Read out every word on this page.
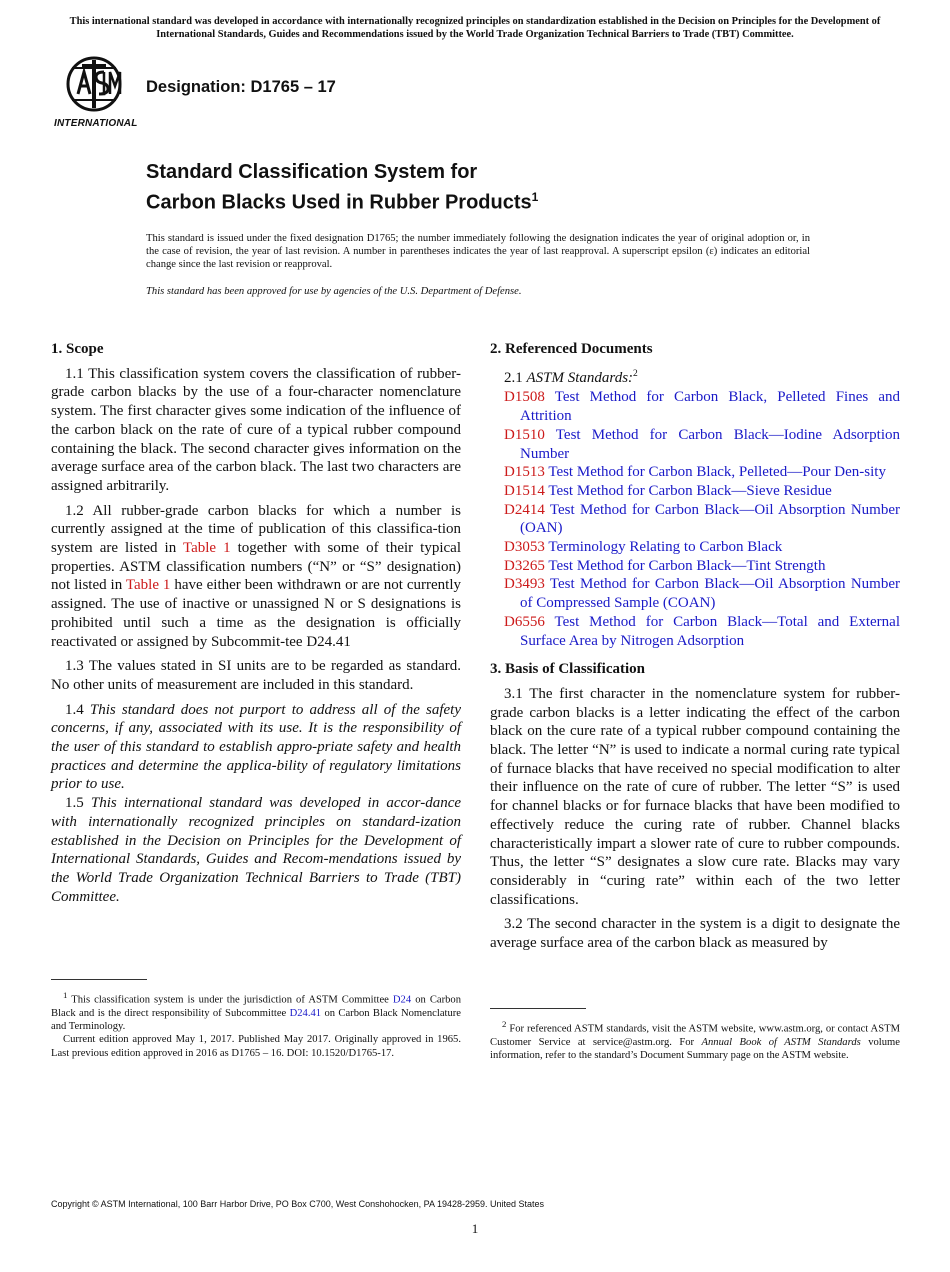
This international standard was developed in accordance with internationally recognized principles on standardization established in the Decision on Principles for the Development of International Standards, Guides and Recommendations issued by the World Trade Organization Technical Barriers to Trade (TBT) Committee.
INTERNATIONAL
Designation: D1765 – 17
Standard Classification System for
Carbon Blacks Used in Rubber Products$^1$
This standard is issued under the fixed designation D1765; the number immediately following the designation indicates the year of original adoption or, in the case of revision, the year of last revision. A number in parentheses indicates the year of last reapproval. A superscript epsilon (ε) indicates an editorial change since the last revision or reapproval.
This standard has been approved for use by agencies of the U.S. Department of Defense.
1. Scope

1.1 This classification system covers the classification of rubber-grade carbon blacks by the use of a four-character nomenclature system. The first character gives some indication of the influence of the carbon black on the rate of cure of a typical rubber compound containing the black. The second character gives information on the average surface area of the carbon black. The last two characters are assigned arbitrarily.

1.2 All rubber-grade carbon blacks for which a number is currently assigned at the time of publication of this classifica-tion system are listed in Table 1 together with some of their typical properties. ASTM classification numbers (“N” or “S” designation) not listed in Table 1 have either been withdrawn or are not currently assigned. The use of inactive or unassigned N or S designations is prohibited until such a time as the designation is officially reactivated or assigned by Subcommit-tee D24.41

1.3 The values stated in SI units are to be regarded as standard. No other units of measurement are included in this standard.

1.4 This standard does not purport to address all of the safety concerns, if any, associated with its use. It is the responsibility of the user of this standard to establish appro-priate safety and health practices and determine the applica-bility of regulatory limitations prior to use.

1.5 This international standard was developed in accor-dance with internationally recognized principles on standard-ization established in the Decision on Principles for the Development of International Standards, Guides and Recom-mendations issued by the World Trade Organization Technical Barriers to Trade (TBT) Committee.

2. Referenced Documents
2.1 ASTM Standards:$^2$
D1508 Test Method for Carbon Black, Pelleted Fines and Attrition
D1510 Test Method for Carbon Black—Iodine Adsorption Number
D1513 Test Method for Carbon Black, Pelleted—Pour Den-sity
D1514 Test Method for Carbon Black—Sieve Residue
D2414 Test Method for Carbon Black—Oil Absorption Number (OAN)
D3053 Terminology Relating to Carbon Black
D3265 Test Method for Carbon Black—Tint Strength
D3493 Test Method for Carbon Black—Oil Absorption Number of Compressed Sample (COAN)
D6556 Test Method for Carbon Black—Total and External Surface Area by Nitrogen Adsorption
3. Basis of Classification

3.1 The first character in the nomenclature system for rubber-grade carbon blacks is a letter indicating the effect of the carbon black on the cure rate of a typical rubber compound containing the black. The letter “N” is used to indicate a normal curing rate typical of furnace blacks that have received no special modification to alter their influence on the rate of cure of rubber. The letter “S” is used for channel blacks or for furnace blacks that have been modified to effectively reduce the curing rate of rubber. Channel blacks characteristically impart a slower rate of cure to rubber compounds. Thus, the letter “S” designates a slow cure rate. Blacks may vary considerably in “curing rate” within each of the two letter classifications.

3.2 The second character in the system is a digit to designate the average surface area of the carbon black as measured by

$^1$ This classification system is under the jurisdiction of ASTM Committee D24 on Carbon Black and is the direct responsibility of Subcommittee D24.41 on Carbon Black Nomenclature and Terminology.

Current edition approved May 1, 2017. Published May 2017. Originally approved in 1965. Last previous edition approved in 2016 as D1765 – 16. DOI: 10.1520/D1765-17.

$^2$ For referenced ASTM standards, visit the ASTM website, www.astm.org, or contact ASTM Customer Service at service@astm.org. For Annual Book of ASTM Standards volume information, refer to the standard’s Document Summary page on the ASTM website.

Copyright © ASTM International, 100 Barr Harbor Drive, PO Box C700, West Conshohocken, PA 19428-2959. United States
1
